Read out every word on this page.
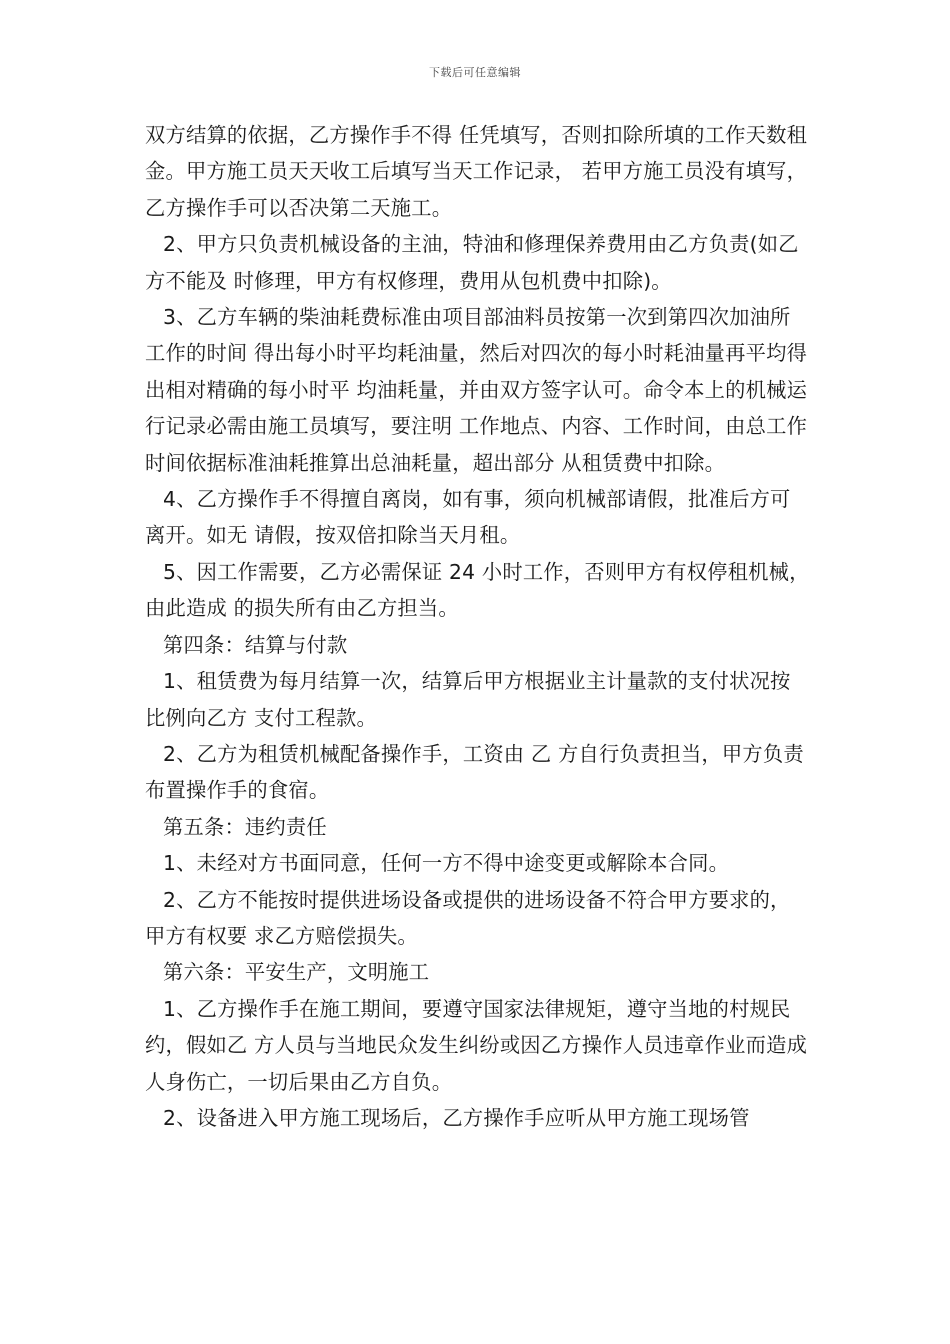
下载后可任意编辑

双方结算的依据，乙方操作手不得 任凭填写，否则扣除所填的工作天数租金。甲方施工员天天收工后填写当天工作记录， 若甲方施工员没有填写，乙方操作手可以否决第二天施工。

2、甲方只负责机械设备的主油，特油和修理保养费用由乙方负责(如乙方不能及 时修理，甲方有权修理，费用从包机费中扣除)。

3、乙方车辆的柴油耗费标准由项目部油料员按第一次到第四次加油所工作的时间 得出每小时平均耗油量，然后对四次的每小时耗油量再平均得出相对精确的每小时平 均油耗量，并由双方签字认可。命令本上的机械运行记录必需由施工员填写，要注明 工作地点、内容、工作时间，由总工作时间依据标准油耗推算出总油耗量，超出部分 从租赁费中扣除。

4、乙方操作手不得擅自离岗，如有事，须向机械部请假，批准后方可离开。如无 请假，按双倍扣除当天月租。

5、因工作需要，乙方必需保证 24 小时工作，否则甲方有权停租机械，由此造成 的损失所有由乙方担当。

第四条：结算与付款

1、租赁费为每月结算一次，结算后甲方根据业主计量款的支付状况按比例向乙方 支付工程款。

2、乙方为租赁机械配备操作手，工资由 乙 方自行负责担当，甲方负责布置操作手的食宿。

第五条：违约责任

1、未经对方书面同意，任何一方不得中途变更或解除本合同。

2、乙方不能按时提供进场设备或提供的进场设备不符合甲方要求的，甲方有权要 求乙方赔偿损失。

第六条：平安生产，文明施工

1、乙方操作手在施工期间，要遵守国家法律规矩，遵守当地的村规民约，假如乙 方人员与当地民众发生纠纷或因乙方操作人员违章作业而造成人身伤亡，一切后果由乙方自负。

2、设备进入甲方施工现场后，乙方操作手应听从甲方施工现场管
